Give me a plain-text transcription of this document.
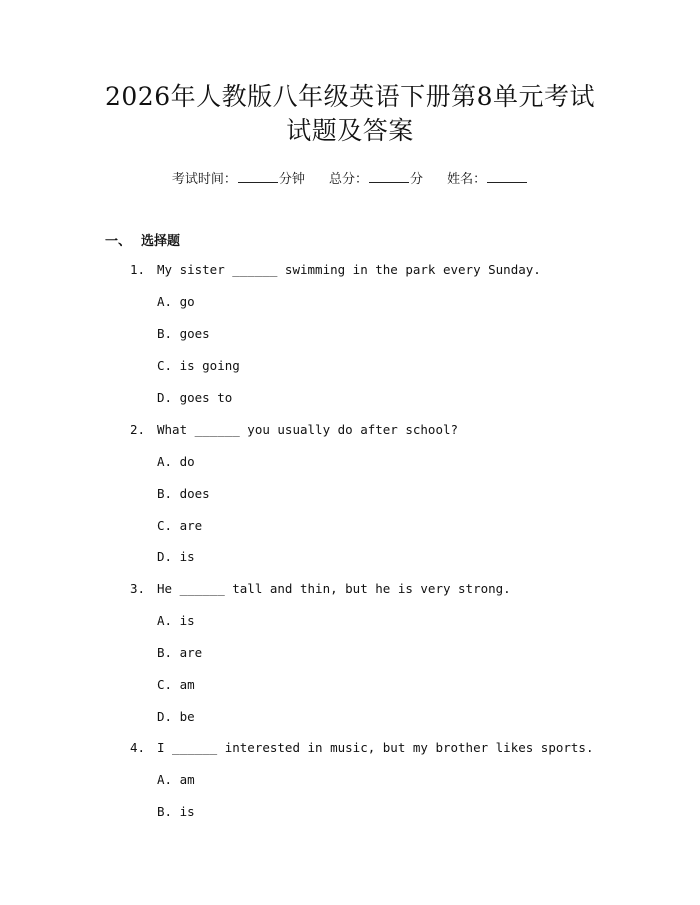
2026年人教版八年级英语下册第8单元考试
试题及答案
考试时间：	分钟 总分：	分 姓名：
一、 选择题
1. My sister ______ swimming in the park every Sunday.
A. go
B. goes
C. is going
D. goes to
2. What ______ you usually do after school?
A. do
B. does
C. are
D. is
3. He ______ tall and thin, but he is very strong.
A. is
B. are
C. am
D. be
4. I ______ interested in music, but my brother likes sports.
A. am
B. is
